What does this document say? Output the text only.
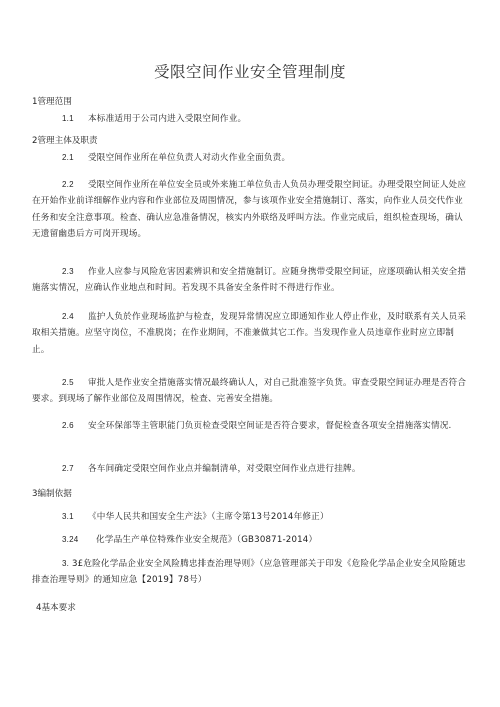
受限空间作业安全管理制度
1管理范围
1.1 本标准适用于公司内进入受限空间作业。
2管理主体及职责
2.1 受限空间作业所在单位负责人对动火作业全面负责。
2.2 受限空间作业所在单位安全员或外来施工单位负击人负员办理受限空间证。办理受限空间证人处应在开始作业前详细解作业内容和作业部位及周围情况，参与该项作业安全措施制订、落实，向作业人员交代作业任务和安全注意事项。检查、确认应急准备情况，核实内外联络及呼叫方法。作业完成后，组织检查现场，确认无遗留幽患后方可岗开现场。
2.3 作业人应参与风险危害因素辨识和安全措施制订。应随身携带受限空间证，应逐项确认相关安全措施落实情况，应确认作业地点和时间。若发现不具备安全条件时不得进行作业。
2.4 监护人负於作业现场监护与检查，发现异常情况应立即通知作业人停止作业，及时联系有关人员采取相关措施。应坚守岗位，不准脱岗；在作业期间，不准兼做其它工作。当发现作业人员违章作业时应立即制止。
2.5 审批人是作业安全措施落实情况最终确认人，对自己批准签字负货。审查受限空间证办理是否符合要求。到现场了解作业部位及周围情况，检查、完善安全措施。
2.6 安全环保部等主管职能门负页检查受限空间证是否符合要求，督促检查各项安全措施落实情况.
2.7 各车间确定受限空间作业点并编制清单，对受限空间作业点进行挂牌。
3编制依据
3.1 《中华人民共和国安全生产法》（主席令第13号2014年修正）
3.24 化学品生产单位特殊作业安全规范》（GB30871-2014）
3. 3£危险化学品企业安全风险腾忠排查治理导则》（应急管理部关于印发《危险化学品企业安全风险随忠排查治理导则》的通知应急【2019】78号）
4基本要求
